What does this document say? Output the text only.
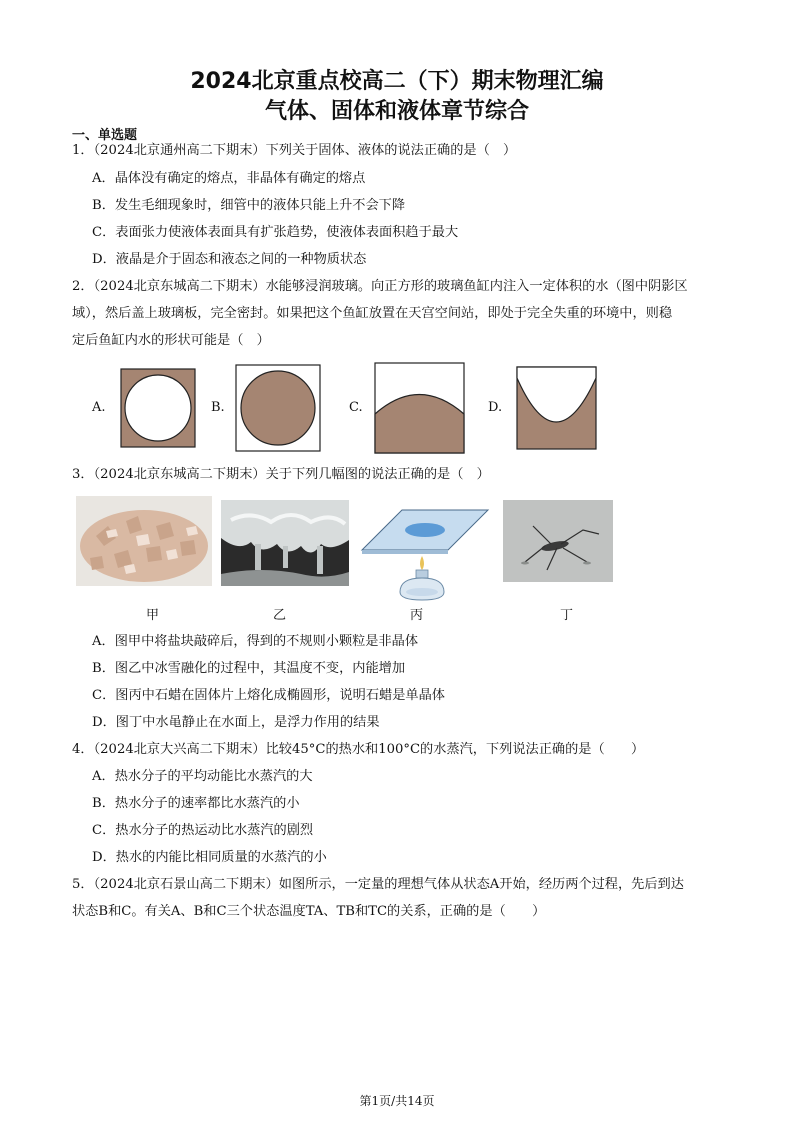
2024北京重点校高二（下）期末物理汇编
气体、固体和液体章节综合
一、单选题
1．（2024北京通州高二下期末）下列关于固体、液体的说法正确的是（　）
A．晶体没有确定的熔点，非晶体有确定的熔点
B．发生毛细现象时，细管中的液体只能上升不会下降
C．表面张力使液体表面具有扩张趋势，使液体表面积趋于最大
D．液晶是介于固态和液态之间的一种物质状态
2．（2024北京东城高二下期末）水能够浸润玻璃。向正方形的玻璃鱼缸内注入一定体积的水（图中阴影区
域），然后盖上玻璃板，完全密封。如果把这个鱼缸放置在天宫空间站，即处于完全失重的环境中，则稳
定后鱼缸内水的形状可能是（　）
A.	B.	C.	D.
3．（2024北京东城高二下期末）关于下列几幅图的说法正确的是（　）
甲	乙	丙	丁
A．图甲中将盐块敲碎后，得到的不规则小颗粒是非晶体
B．图乙中冰雪融化的过程中，其温度不变，内能增加
C．图丙中石蜡在固体片上熔化成椭圆形，说明石蜡是单晶体
D．图丁中水黾静止在水面上，是浮力作用的结果
4．（2024北京大兴高二下期末）比较45°C的热水和100°C的水蒸汽，下列说法正确的是（　　）
A．热水分子的平均动能比水蒸汽的大
B．热水分子的速率都比水蒸汽的小
C．热水分子的热运动比水蒸汽的剧烈
D．热水的内能比相同质量的水蒸汽的小
5．（2024北京石景山高二下期末）如图所示，一定量的理想气体从状态A开始，经历两个过程，先后到达
状态B和C。有关A、B和C三个状态温度TA、TB和TC的关系，正确的是（　　）
第1页/共14页
